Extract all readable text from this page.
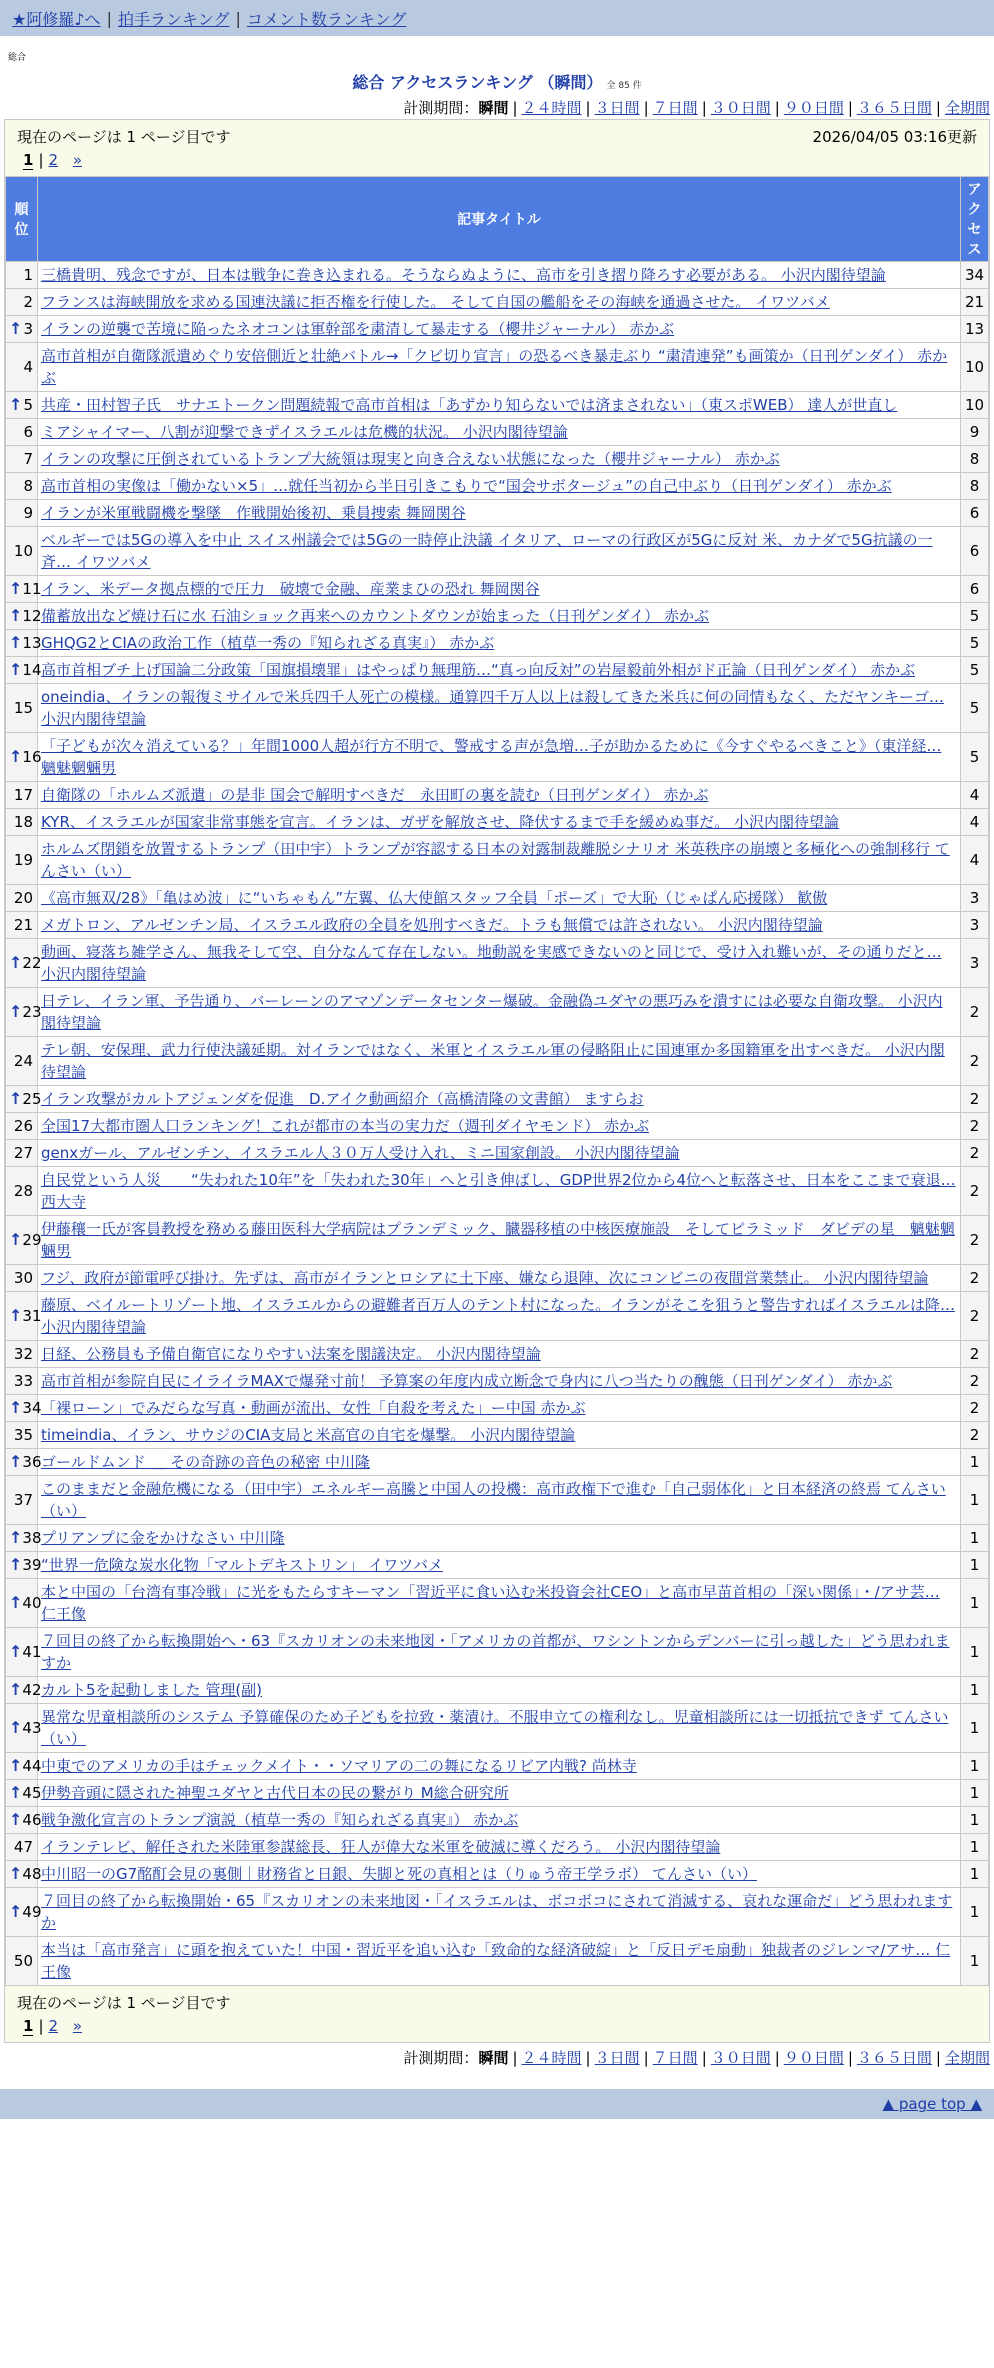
★阿修羅♪へ | 拍手ランキング | コメント数ランキング
総合
総合 アクセスランキング （瞬間） 全 85 件
計測期間：瞬間 | ２４時間 | ３日間 | ７日間 | ３０日間 | ９０日間 | ３６５日間 | 全期間
現在のページは 1 ページ目です	2026/04/05 03:16更新
1 | 2 »
順位	記事タイトル	アクセス
1	三橋貴明、残念ですが、日本は戦争に巻き込まれる。そうならぬように、高市を引き摺り降ろす必要がある。 小沢内閣待望論	34
2	フランスは海峡開放を求める国連決議に拒否権を行使した。 そして自国の艦船をその海峡を通過させた。 イワツバメ	21

↑ 3	イランの逆襲で苦境に陥ったネオコンは軍幹部を粛清して暴走する（櫻井ジャーナル） 赤かぶ	13
4	高市首相が自衛隊派遣めぐり安倍側近と壮絶バトル→「クビ切り宣言」の恐るべき暴走ぶり “粛清連発”も画策か（日刊ゲンダイ） 赤かぶ	10

↑ 5	共産・田村智子氏　サナエトークン問題続報で高市首相は「あずかり知らないでは済まされない」（東スポWEB） 達人が世直し	10
6	ミアシャイマー、八割が迎撃できずイスラエルは危機的状況。 小沢内閣待望論	9
7	イランの攻撃に圧倒されているトランプ大統領は現実と向き合えない状態になった（櫻井ジャーナル） 赤かぶ	8
8	高市首相の実像は「働かない×5」…就任当初から半日引きこもりで“国会サボタージュ”の自己中ぶり（日刊ゲンダイ） 赤かぶ	8
9	イランが米軍戦闘機を撃墜　作戦開始後初、乗員捜索 舞岡関谷	6
10	ベルギーでは5Gの導入を中止 スイス州議会では5Gの一時停止決議 イタリア、ローマの行政区が5Gに反対 米、カナダで5G抗議の一斉… イワツバメ	6

↑ 11	イラン、米データ拠点標的で圧力　破壊で金融、産業まひの恐れ 舞岡関谷	6

↑ 12	備蓄放出など焼け石に水 石油ショック再来へのカウントダウンが始まった（日刊ゲンダイ） 赤かぶ	5

↑ 13	GHQG2とCIAの政治工作（植草一秀の『知られざる真実』） 赤かぶ	5

↑ 14	高市首相ブチ上げ国論二分政策「国旗損壊罪」はやっぱり無理筋…“真っ向反対”の岩屋毅前外相がド正論（日刊ゲンダイ） 赤かぶ	5
15	oneindia、イランの報復ミサイルで米兵四千人死亡の模様。通算四千万人以上は殺してきた米兵に何の同情もなく、ただヤンキーゴ… 小沢内閣待望論	5

↑ 16	「子どもが次々消えている？」年間1000人超が行方不明で、警戒する声が急増…子が助かるために《今すぐやるべきこと》（東洋経… 魑魅魍魎男	5
17	自衛隊の「ホルムズ派遣」の是非 国会で解明すべきだ　永田町の裏を読む（日刊ゲンダイ） 赤かぶ	4
18	KYR、イスラエルが国家非常事態を宣言。イランは、ガザを解放させ、降伏するまで手を緩めぬ事だ。 小沢内閣待望論	4
19	ホルムズ閉鎖を放置するトランプ（田中宇）トランプが容認する日本の対露制裁離脱シナリオ 米英秩序の崩壊と多極化への強制移行 てんさい（い）	4
20	《高市無双/28》「亀はめ波」に“いちゃもん”左翼、仏大使館スタッフ全員「ポーズ」で大恥（じゃぱん応援隊） 歓傲	3
21	メガトロン、アルゼンチン局、イスラエル政府の全員を処刑すべきだ。トラも無償では許されない。 小沢内閣待望論	3

↑ 22	動画、寝落ち雑学さん、無我そして空、自分なんて存在しない。地動説を実感できないのと同じで、受け入れ難いが、その通りだと… 小沢内閣待望論	3

↑ 23	日テレ、イラン軍、予告通り、バーレーンのアマゾンデータセンター爆破。金融偽ユダヤの悪巧みを潰すには必要な自衛攻撃。 小沢内閣待望論	2
24	テレ朝、安保理、武力行使決議延期。対イランではなく、米軍とイスラエル軍の侵略阻止に国連軍か多国籍軍を出すべきだ。 小沢内閣待望論	2

↑ 25	イラン攻撃がカルトアジェンダを促進　D.アイク動画紹介（高橋清隆の文書館） ますらお	2
26	全国17大都市圏人口ランキング！これが都市の本当の実力だ（週刊ダイヤモンド） 赤かぶ	2
27	genxガール、アルゼンチン、イスラエル人３０万人受け入れ、ミニ国家創設。 小沢内閣待望論	2
28	自民党という人災　　“失われた10年”を「失われた30年」へと引き伸ばし、GDP世界2位から4位へと転落させ、日本をここまで衰退… 西大寺	2

↑ 29	伊藤穰一氏が客員教授を務める藤田医科大学病院はプランデミック、臓器移植の中核医療施設　そしてピラミッド　ダビデの星　魑魅魍魎男	2
30	フジ、政府が節電呼び掛け。先ずは、高市がイランとロシアに土下座、嫌なら退陣、次にコンビニの夜間営業禁止。 小沢内閣待望論	2

↑ 31	藤原、ベイルートリゾート地、イスラエルからの避難者百万人のテント村になった。イランがそこを狙うと警告すればイスラエルは降… 小沢内閣待望論	2
32	日経、公務員も予備自衛官になりやすい法案を閣議決定。 小沢内閣待望論	2
33	高市首相が参院自民にイライラMAXで爆発寸前！ 予算案の年度内成立断念で身内に八つ当たりの醜態（日刊ゲンダイ） 赤かぶ	2

↑ 34	「裸ローン」でみだらな写真・動画が流出、女性「自殺を考えた」ー中国 赤かぶ	2
35	timeindia、イラン、サウジのCIA支局と米高官の自宅を爆撃。 小沢内閣待望論	2

↑ 36	ゴールドムンド ＿ その奇跡の音色の秘密 中川隆	1
37	このままだと金融危機になる（田中宇）エネルギー高騰と中国人の投機：高市政権下で進む「自己弱体化」と日本経済の終焉 てんさい（い）	1

↑ 38	プリアンプに金をかけなさい 中川隆	1

↑ 39	“世界一危険な炭水化物「マルトデキストリン」 イワツバメ	1

↑ 40	本と中国の「台湾有事冷戦」に光をもたらすキーマン「習近平に食い込む米投資会社CEO」と高市早苗首相の「深い関係」・/アサ芸… 仁王像	1

↑ 41	７回目の終了から転換開始へ・63『スカリオンの未来地図・「アメリカの首都が、ワシントンからデンバーに引っ越した」どう思われますか	1

↑ 42	カルト5を起動しました 管理(副)	1

↑ 43	異常な児童相談所のシステム 予算確保のため子どもを拉致・薬漬け。不服申立ての権利なし。児童相談所には一切抵抗できず てんさい（い）	1

↑ 44	中東でのアメリカの手はチェックメイト・・ソマリアの二の舞になるリビア内戦? 尚林寺	1

↑ 45	伊勢音頭に隠された神聖ユダヤと古代日本の民の繋がり M総合研究所	1

↑ 46	戦争激化宣言のトランプ演説（植草一秀の『知られざる真実』） 赤かぶ	1
47	イランテレビ、解任された米陸軍参謀総長、狂人が偉大な米軍を破滅に導くだろう。 小沢内閣待望論	1

↑ 48	中川昭一のG7酩酊会見の裏側｜財務省と日銀、失脚と死の真相とは（りゅう帝王学ラボ） てんさい（い）	1

↑ 49	７回目の終了から転換開始・65『スカリオンの未来地図・「イスラエルは、ボコボコにされて消滅する、哀れな運命だ」どう思われますか	1
50	本当は「高市発言」に頭を抱えていた！中国・習近平を追い込む「致命的な経済破綻」と「反日デモ扇動」独裁者のジレンマ/アサ… 仁王像	1
現在のページは 1 ページ目です
1 | 2 »
計測期間：瞬間 | ２４時間 | ３日間 | ７日間 | ３０日間 | ９０日間 | ３６５日間 | 全期間
▲ page top ▲
